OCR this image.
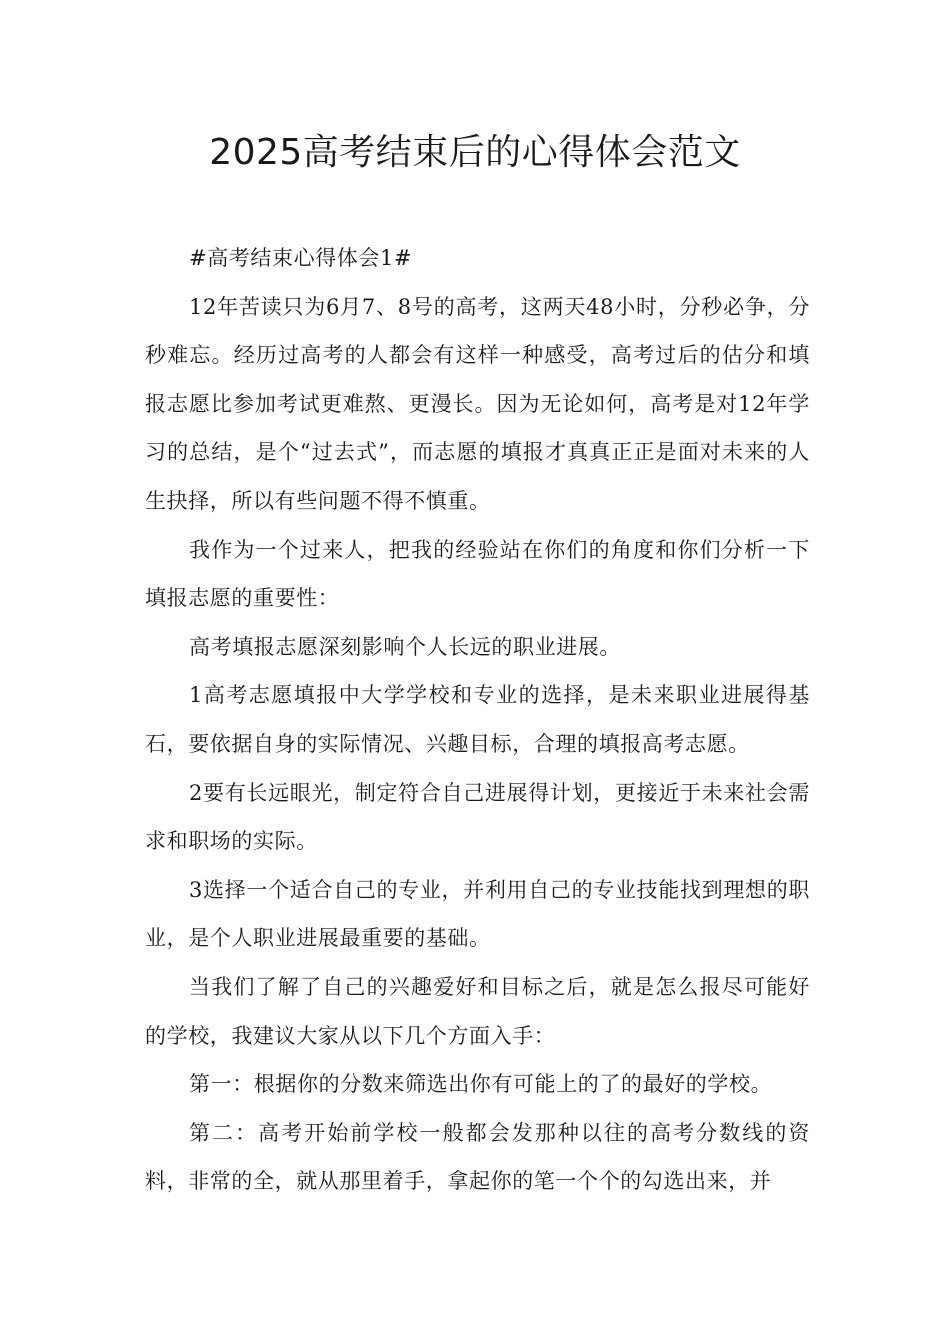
2025高考结束后的心得体会范文

#高考结束心得体会1#

12年苦读只为6月7、8号的高考，这两天48小时，分秒必争，分秒难忘。经历过高考的人都会有这样一种感受，高考过后的估分和填报志愿比参加考试更难熬、更漫长。因为无论如何，高考是对12年学习的总结，是个“过去式”，而志愿的填报才真真正正是面对未来的人生抉择，所以有些问题不得不慎重。

我作为一个过来人，把我的经验站在你们的角度和你们分析一下填报志愿的重要性：

高考填报志愿深刻影响个人长远的职业进展。

1高考志愿填报中大学学校和专业的选择，是未来职业进展得基石，要依据自身的实际情况、兴趣目标，合理的填报高考志愿。

2要有长远眼光，制定符合自己进展得计划，更接近于未来社会需求和职场的实际。

3选择一个适合自己的专业，并利用自己的专业技能找到理想的职业，是个人职业进展最重要的基础。

当我们了解了自己的兴趣爱好和目标之后，就是怎么报尽可能好的学校，我建议大家从以下几个方面入手：

第一：根据你的分数来筛选出你有可能上的了的最好的学校。

第二：高考开始前学校一般都会发那种以往的高考分数线的资料，非常的全，就从那里着手，拿起你的笔一个个的勾选出来，并
